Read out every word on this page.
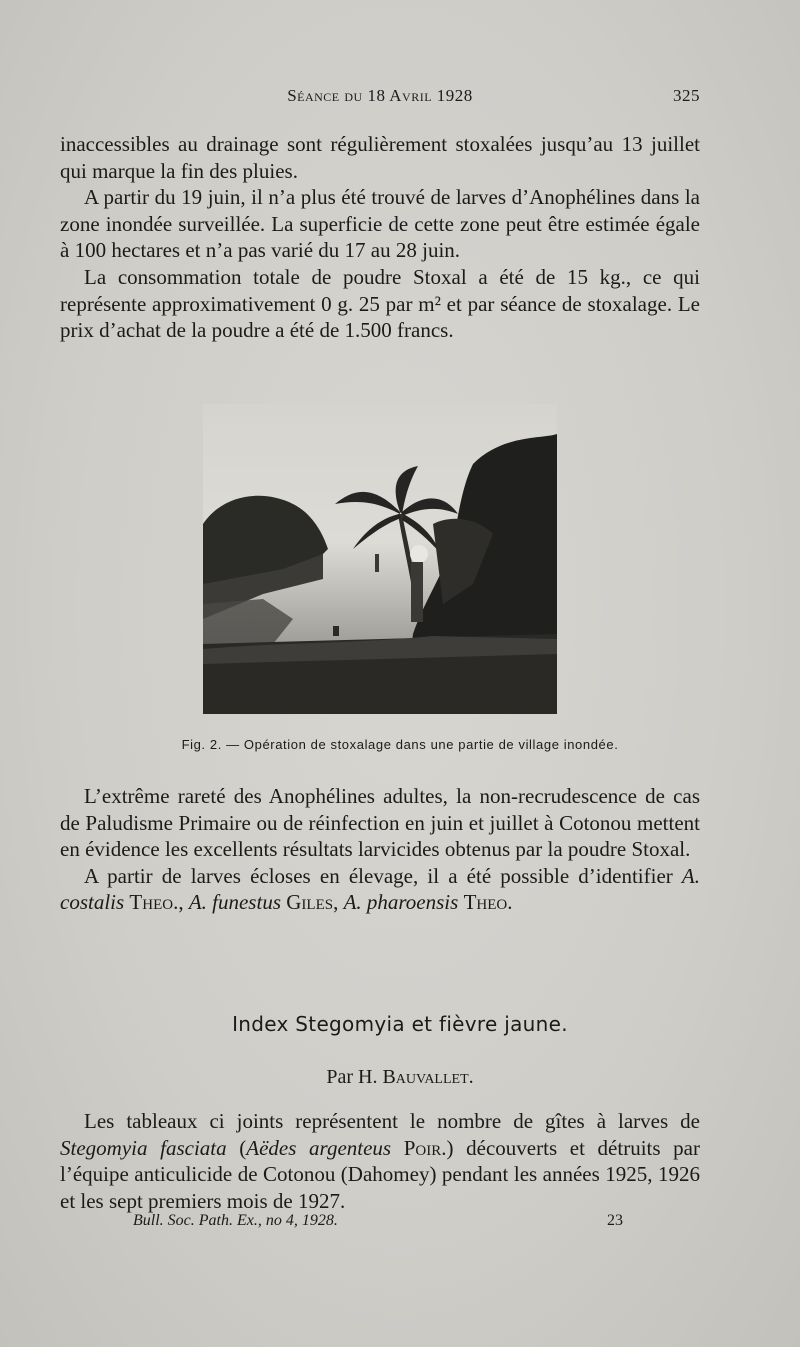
Séance du 18 Avril 1928	325

inaccessibles au drainage sont régulièrement stoxalées jusqu’au 13 juillet qui marque la fin des pluies.

A partir du 19 juin, il n’a plus été trouvé de larves d’Anophélines dans la zone inondée surveillée. La superficie de cette zone peut être estimée égale à 100 hectares et n’a pas varié du 17 au 28 juin.

La consommation totale de poudre Stoxal a été de 15 kg., ce qui représente approximativement 0 g. 25 par m² et par séance de stoxalage. Le prix d’achat de la poudre a été de 1.500 francs.

Fig. 2. — Opération de stoxalage dans une partie de village inondée.

L’extrême rareté des Anophélines adultes, la non-recrudescence de cas de Paludisme Primaire ou de réinfection en juin et juillet à Cotonou mettent en évidence les excellents résultats larvicides obtenus par la poudre Stoxal.

A partir de larves écloses en élevage, il a été possible d’identifier A. costalis Theo., A. funestus Giles, A. pharoensis Theo.

Index Stegomyia et fièvre jaune.
Par H. Bauvallet.

Les tableaux ci joints représentent le nombre de gîtes à larves de Stegomyia fasciata (Aëdes argenteus Poir.) découverts et détruits par l’équipe anticulicide de Cotonou (Dahomey) pendant les années 1925, 1926 et les sept premiers mois de 1927.

Bull. Soc. Path. Ex., no 4, 1928.	23
